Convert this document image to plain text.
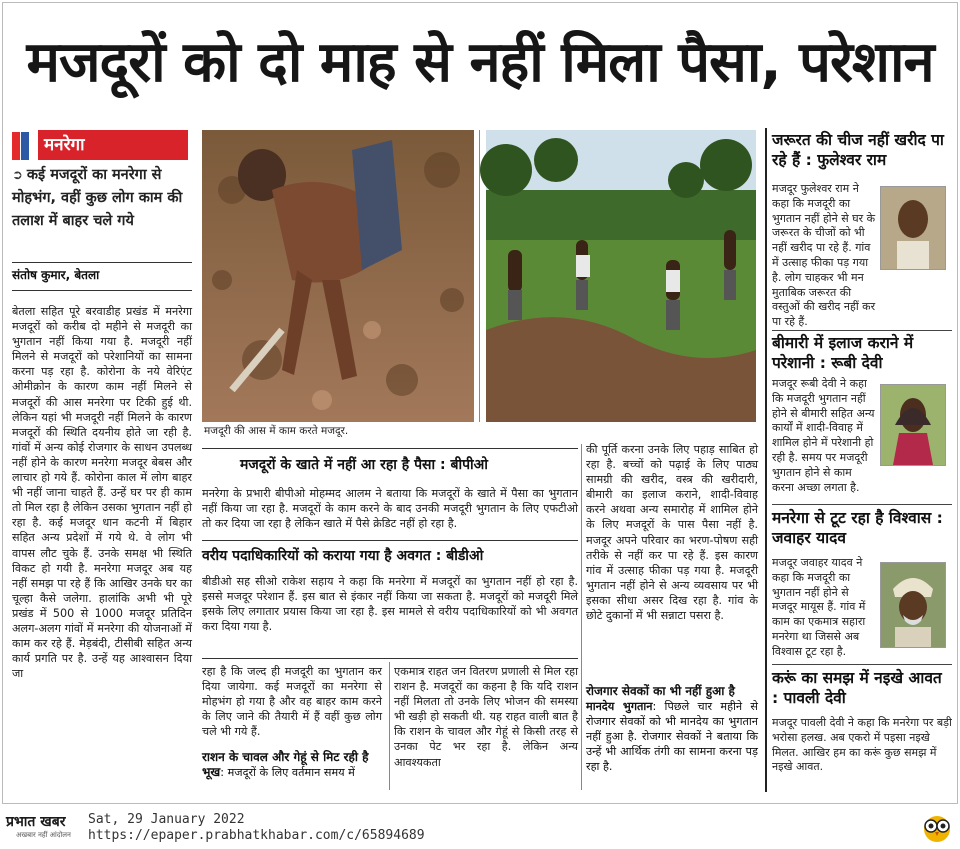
मजदूरों को दो माह से नहीं मिला पैसा, परेशान
मनरेगा
➲ कई मजदूरों का मनरेगा से मोहभंग, वहीं कुछ लोग काम की तलाश में बाहर चले गये
संतोष कुमार, बेतला
बेतला सहित पूरे बरवाडीह प्रखंड में मनरेगा मजदूरों को करीब दो महीने से मजदूरी का भुगतान नहीं किया गया है. मजदूरी नहीं मिलने से मजदूरों को परेशानियों का सामना करना पड़ रहा है. कोरोना के नये वेरिएंट ओमीक्रोन के कारण काम नहीं मिलने से मजदूरों की आस मनरेगा पर टिकी हुई थी. लेकिन यहां भी मजदूरी नहीं मिलने के कारण मजदूरों की स्थिति दयनीय होते जा रही है. गांवों में अन्य कोई रोजगार के साधन उपलब्ध नहीं होने के कारण मनरेगा मजदूर बेबस और लाचार हो गये हैं. कोरोना काल में लोग बाहर भी नहीं जाना चाहते हैं. उन्हें घर पर ही काम तो मिल रहा है लेकिन उसका भुगतान नहीं हो रहा है. कई मजदूर धान कटनी में बिहार सहित अन्य प्रदेशों में गये थे. वे लोग भी वापस लौट चुके हैं. उनके समक्ष भी स्थिति विकट हो गयी है. मनरेगा मजदूर अब यह नहीं समझ पा रहे हैं कि आखिर उनके घर का चूल्हा कैसे जलेगा. हालांकि अभी भी पूरे प्रखंड में 500 से 1000 मजदूर प्रतिदिन अलग-अलग गांवों में मनरेगा की योजनाओं में काम कर रहे हैं. मेड़बंदी, टीसीबी सहित अन्य कार्य प्रगति पर है. उन्हें यह आश्वासन दिया जा
मजदूरी की आस में काम करते मजदूर.
मजदूरों के खाते में नहीं आ रहा है पैसा : बीपीओ
मनरेगा के प्रभारी बीपीओ मोहम्मद आलम ने बताया कि मजदूरों के खाते में पैसा का भुगतान नहीं किया जा रहा है. मजदूरों के काम करने के बाद उनकी मजदूरी भुगतान के लिए एफटीओ तो कर दिया जा रहा है लेकिन खाते में पैसे क्रेडिट नहीं हो रहा है.
वरीय पदाधिकारियों को कराया गया है अवगत : बीडीओ
बीडीओ सह सीओ राकेश सहाय ने कहा कि मनरेगा में मजदूरों का भुगतान नहीं हो रहा है. इससे मजदूर परेशान हैं. इस बात से इंकार नहीं किया जा सकता है. मजदूरों को मजदूरी मिले इसके लिए लगातार प्रयास किया जा रहा है. इस मामले से वरीय पदाधिकारियों को भी अवगत करा दिया गया है.
रहा है कि जल्द ही मजदूरी का भुगतान कर दिया जायेगा. कई मजदूरों का मनरेगा से मोहभंग हो गया है और वह बाहर काम करने के लिए जाने की तैयारी में हैं वहीं कुछ लोग चले भी गये हैं.
राशन के चावल और गेहूं से मिट रही है
भूख: मजदूरों के लिए वर्तमान समय में
एकमात्र राहत जन वितरण प्रणाली से मिल रहा राशन है. मजदूरों का कहना है कि यदि राशन नहीं मिलता तो उनके लिए भोजन की समस्या भी खड़ी हो सकती थी. यह राहत वाली बात है कि राशन के चावल और गेहूं से किसी तरह से उनका पेट भर रहा है. लेकिन अन्य आवश्यकता
की पूर्ति करना उनके लिए पहाड़ साबित हो रहा है. बच्चों को पढ़ाई के लिए पाठ्य सामग्री की खरीद, वस्त्र की खरीदारी, बीमारी का इलाज कराने, शादी-विवाह करने अथवा अन्य समारोह में शामिल होने के लिए मजदूरों के पास पैसा नहीं है. मजदूर अपने परिवार का भरण-पोषण सही तरीके से नहीं कर पा रहे हैं. इस कारण गांव में उत्साह फीका पड़ गया है. मजदूरी भुगतान नहीं होने से अन्य व्यवसाय पर भी इसका सीधा असर दिख रहा है. गांव के छोटे दुकानों में भी सन्नाटा पसरा है.
रोजगार सेवकों का भी नहीं हुआ है
मानदेय भुगतान: पिछले चार महीने से रोजगार सेवकों को भी मानदेय का भुगतान नहीं हुआ है. रोजगार सेवकों ने बताया कि उन्हें भी आर्थिक तंगी का सामना करना पड़ रहा है.
जरूरत की चीज नहीं खरीद पा रहे हैं : फुलेश्वर राम
मजदूर फुलेश्वर राम ने कहा कि मजदूरी का भुगतान नहीं होने से घर के जरूरत के चीजों को भी नहीं खरीद पा रहे हैं. गांव में उत्साह फीका पड़ गया है. लोग चाहकर भी मन मुताबिक जरूरत की वस्तुओं की खरीद नहीं कर पा रहे हैं.
बीमारी में इलाज कराने में परेशानी : रूबी देवी
मजदूर रूबी देवी ने कहा कि मजदूरी भुगतान नहीं होने से बीमारी सहित अन्य कार्यों में शादी-विवाह में शामिल होने में परेशानी हो रही है. समय पर मजदूरी भुगतान होने से काम करना अच्छा लगता है.
मनरेगा से टूट रहा है विश्वास : जवाहर यादव
मजदूर जवाहर यादव ने कहा कि मजदूरी का भुगतान नहीं होने से मजदूर मायूस हैं. गांव में काम का एकमात्र सहारा मनरेगा था जिससे अब विश्वास टूट रहा है.
करूं का समझ में नइखे आवत : पावली देवी
मजदूर पावली देवी ने कहा कि मनरेगा पर बड़ी भरोसा हलख. अब एकरो में पइसा नइखे मिलत. आखिर हम का करूं कुछ समझ में नइखे आवत.
प्रभात खबर
अखबार नहीं आंदोलन
Sat, 29 January 2022
https://epaper.prabhatkhabar.com/c/65894689
